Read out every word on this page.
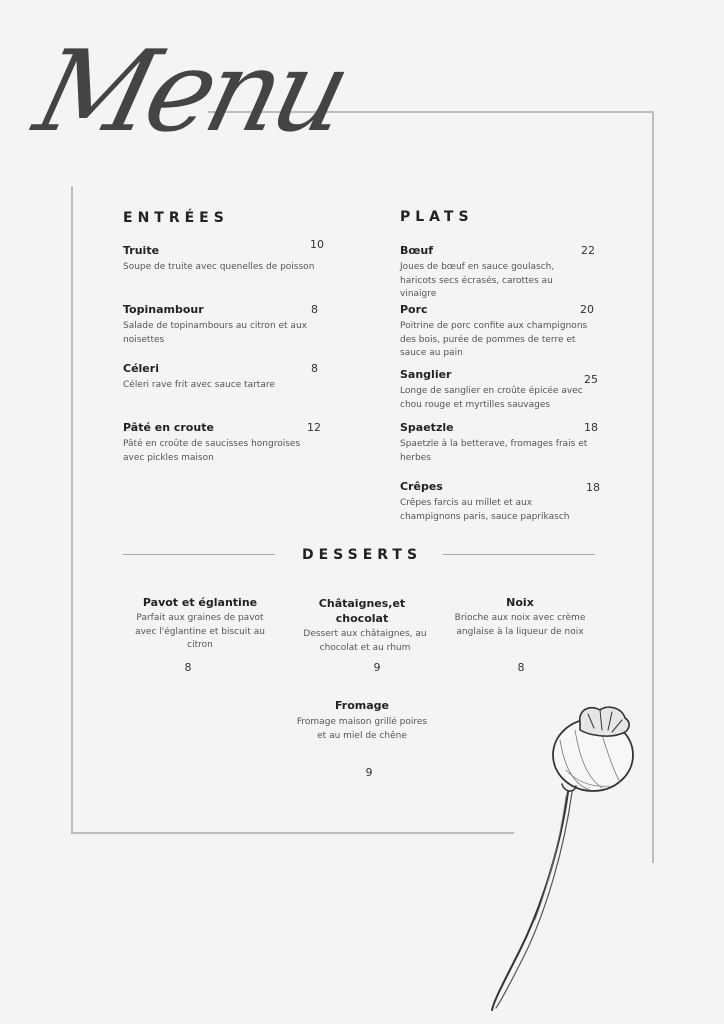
Menu
ENTRÉES
Truite	10
Soupe de truite avec quenelles de poisson
Topinambour	8
Salade de topinambours au citron et aux noisettes
Céleri	8
Céleri rave frit avec sauce tartare
Pâté en croute	12
Pâté en croûte de saucisses hongroises avec pickles maison
PLATS
Bœuf	22
Joues de bœuf en sauce goulasch, haricots secs écrasés, carottes au vinaigre
Porc	20
Poitrine de porc confite aux champignons des bois, purée de pommes de terre et sauce au pain
Sanglier	25
Longe de sanglier en croûte épicée avec chou rouge et myrtilles sauvages
Spaetzle	18
Spaetzle à la betterave, fromages frais et herbes
Crêpes	18
Crêpes farcis au millet et aux champignons paris, sauce paprikasch
DESSERTS
Pavot et églantine
Parfait aux graines de pavot avec l'églantine et biscuit au citron
8
Châtaignes,et chocolat
Dessert aux châtaignes, au chocolat et au rhum
9
Noix
Brioche aux noix avec crème anglaise à la liqueur de noix
8
Fromage
Fromage maison grillé poires et au miel de chêne
9
